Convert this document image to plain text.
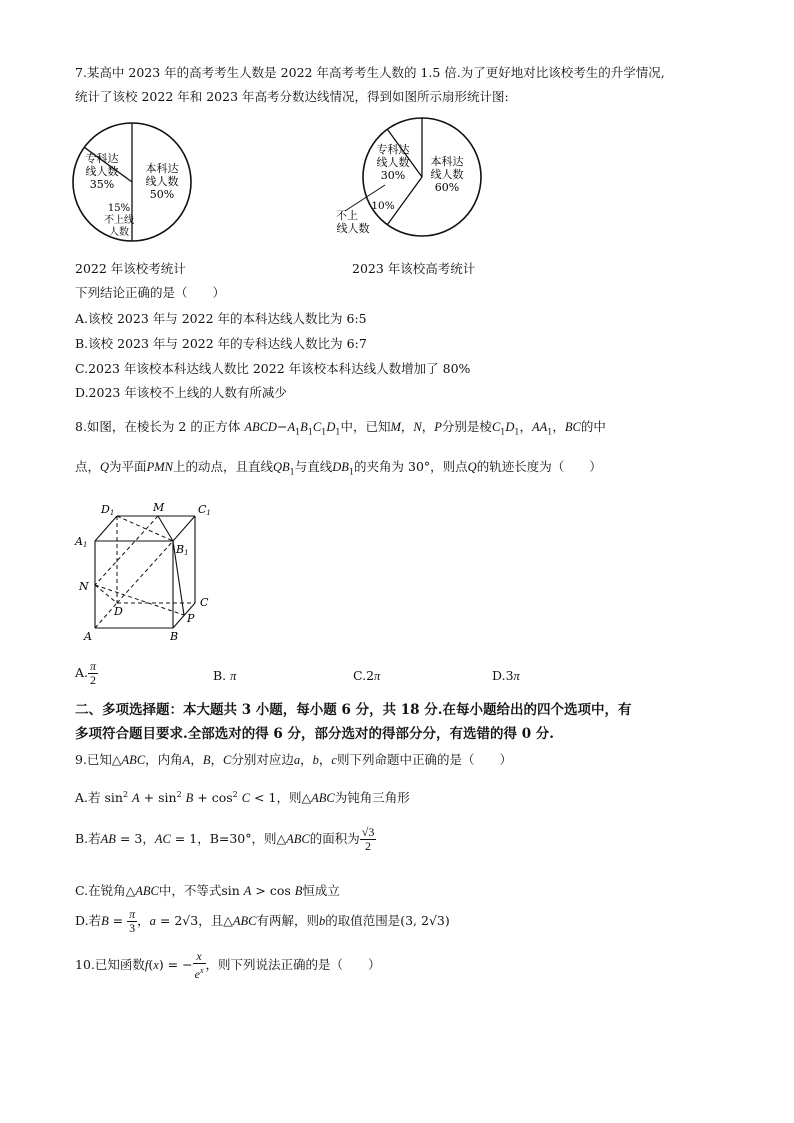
7.某高中 2023 年的高考考生人数是 2022 年高考考生人数的 1.5 倍.为了更好地对比该校考生的升学情况,
统计了该校 2022 年和 2023 年高考分数达线情况，得到如图所示扇形统计图:
本科达
线人数
50%
专科达
线人数
35%
15%
不上线
人数
本科达
线人数
60%
专科达
线人数
30%
10%
不上
线人数
2022 年该校考统计	2023 年该校高考统计
下列结论正确的是（　　）
A.该校 2023 年与 2022 年的本科达线人数比为 6:5
B.该校 2023 年与 2022 年的专科达线人数比为 6:7
C.2023 年该校本科达线人数比 2022 年该校本科达线人数增加了 80%
D.2023 年该校不上线的人数有所减少
8.如图，在棱长为 2 的正方体 $ABCD-A_1B_1C_1D_1$中，已知M，N，P分别是棱$C_1D_1$，$AA_1$，BC的中
点，Q为平面PMN上的动点，且直线$QB_1$与直线$DB_1$的夹角为 30°，则点Q的轨迹长度为（　　）
D1	M	C1
A1	B1
N
D
C
P
A	B
A. $\frac{\pi}{2}$	B. π	C.2π	D.3π
二、多项选择题：本大题共 3 小题，每小题 6 分，共 18 分.在每小题给出的四个选项中，有
多项符合题目要求.全部选对的得 6 分，部分选对的得部分分，有选错的得 0 分.
9.已知△ABC，内角A，B，C分别对应边a，b，c则下列命题中正确的是（　　）
A.若 $\sin^2 A + \sin^2 B + \cos^2 C < 1$，则△ABC为钝角三角形
B.若AB = 3，AC = 1，B=30°，则△ABC的面积为 $\frac{√3}{2}$
C.在锐角△ABC中，不等式sin A > cos B恒成立
D.若$B = \frac{\pi}{3}$ ，a = 2√3，且△ABC有两解，则b的取值范围是(3, 2√3)
10.已知函数f(x) = − $\frac{x}{e^x}$ ，则下列说法正确的是（　　）
